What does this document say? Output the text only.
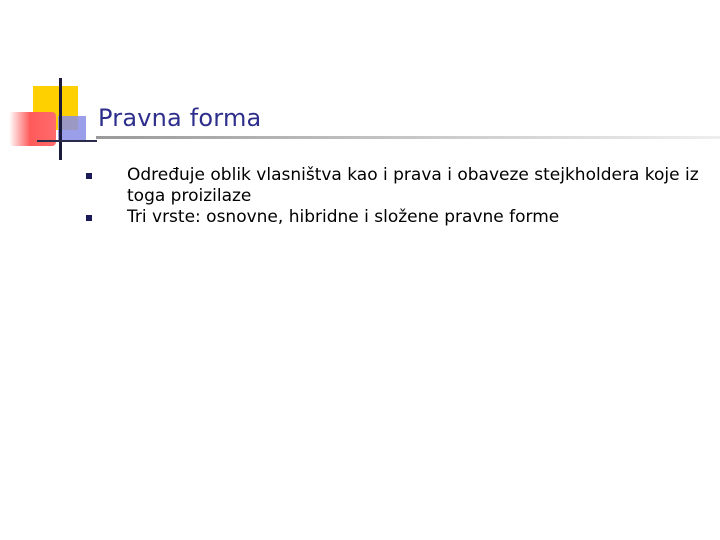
Pravna forma
Određuje oblik vlasništva kao i prava i obaveze stejkholdera koje iz toga proizilaze
Tri vrste: osnovne, hibridne i složene pravne forme
